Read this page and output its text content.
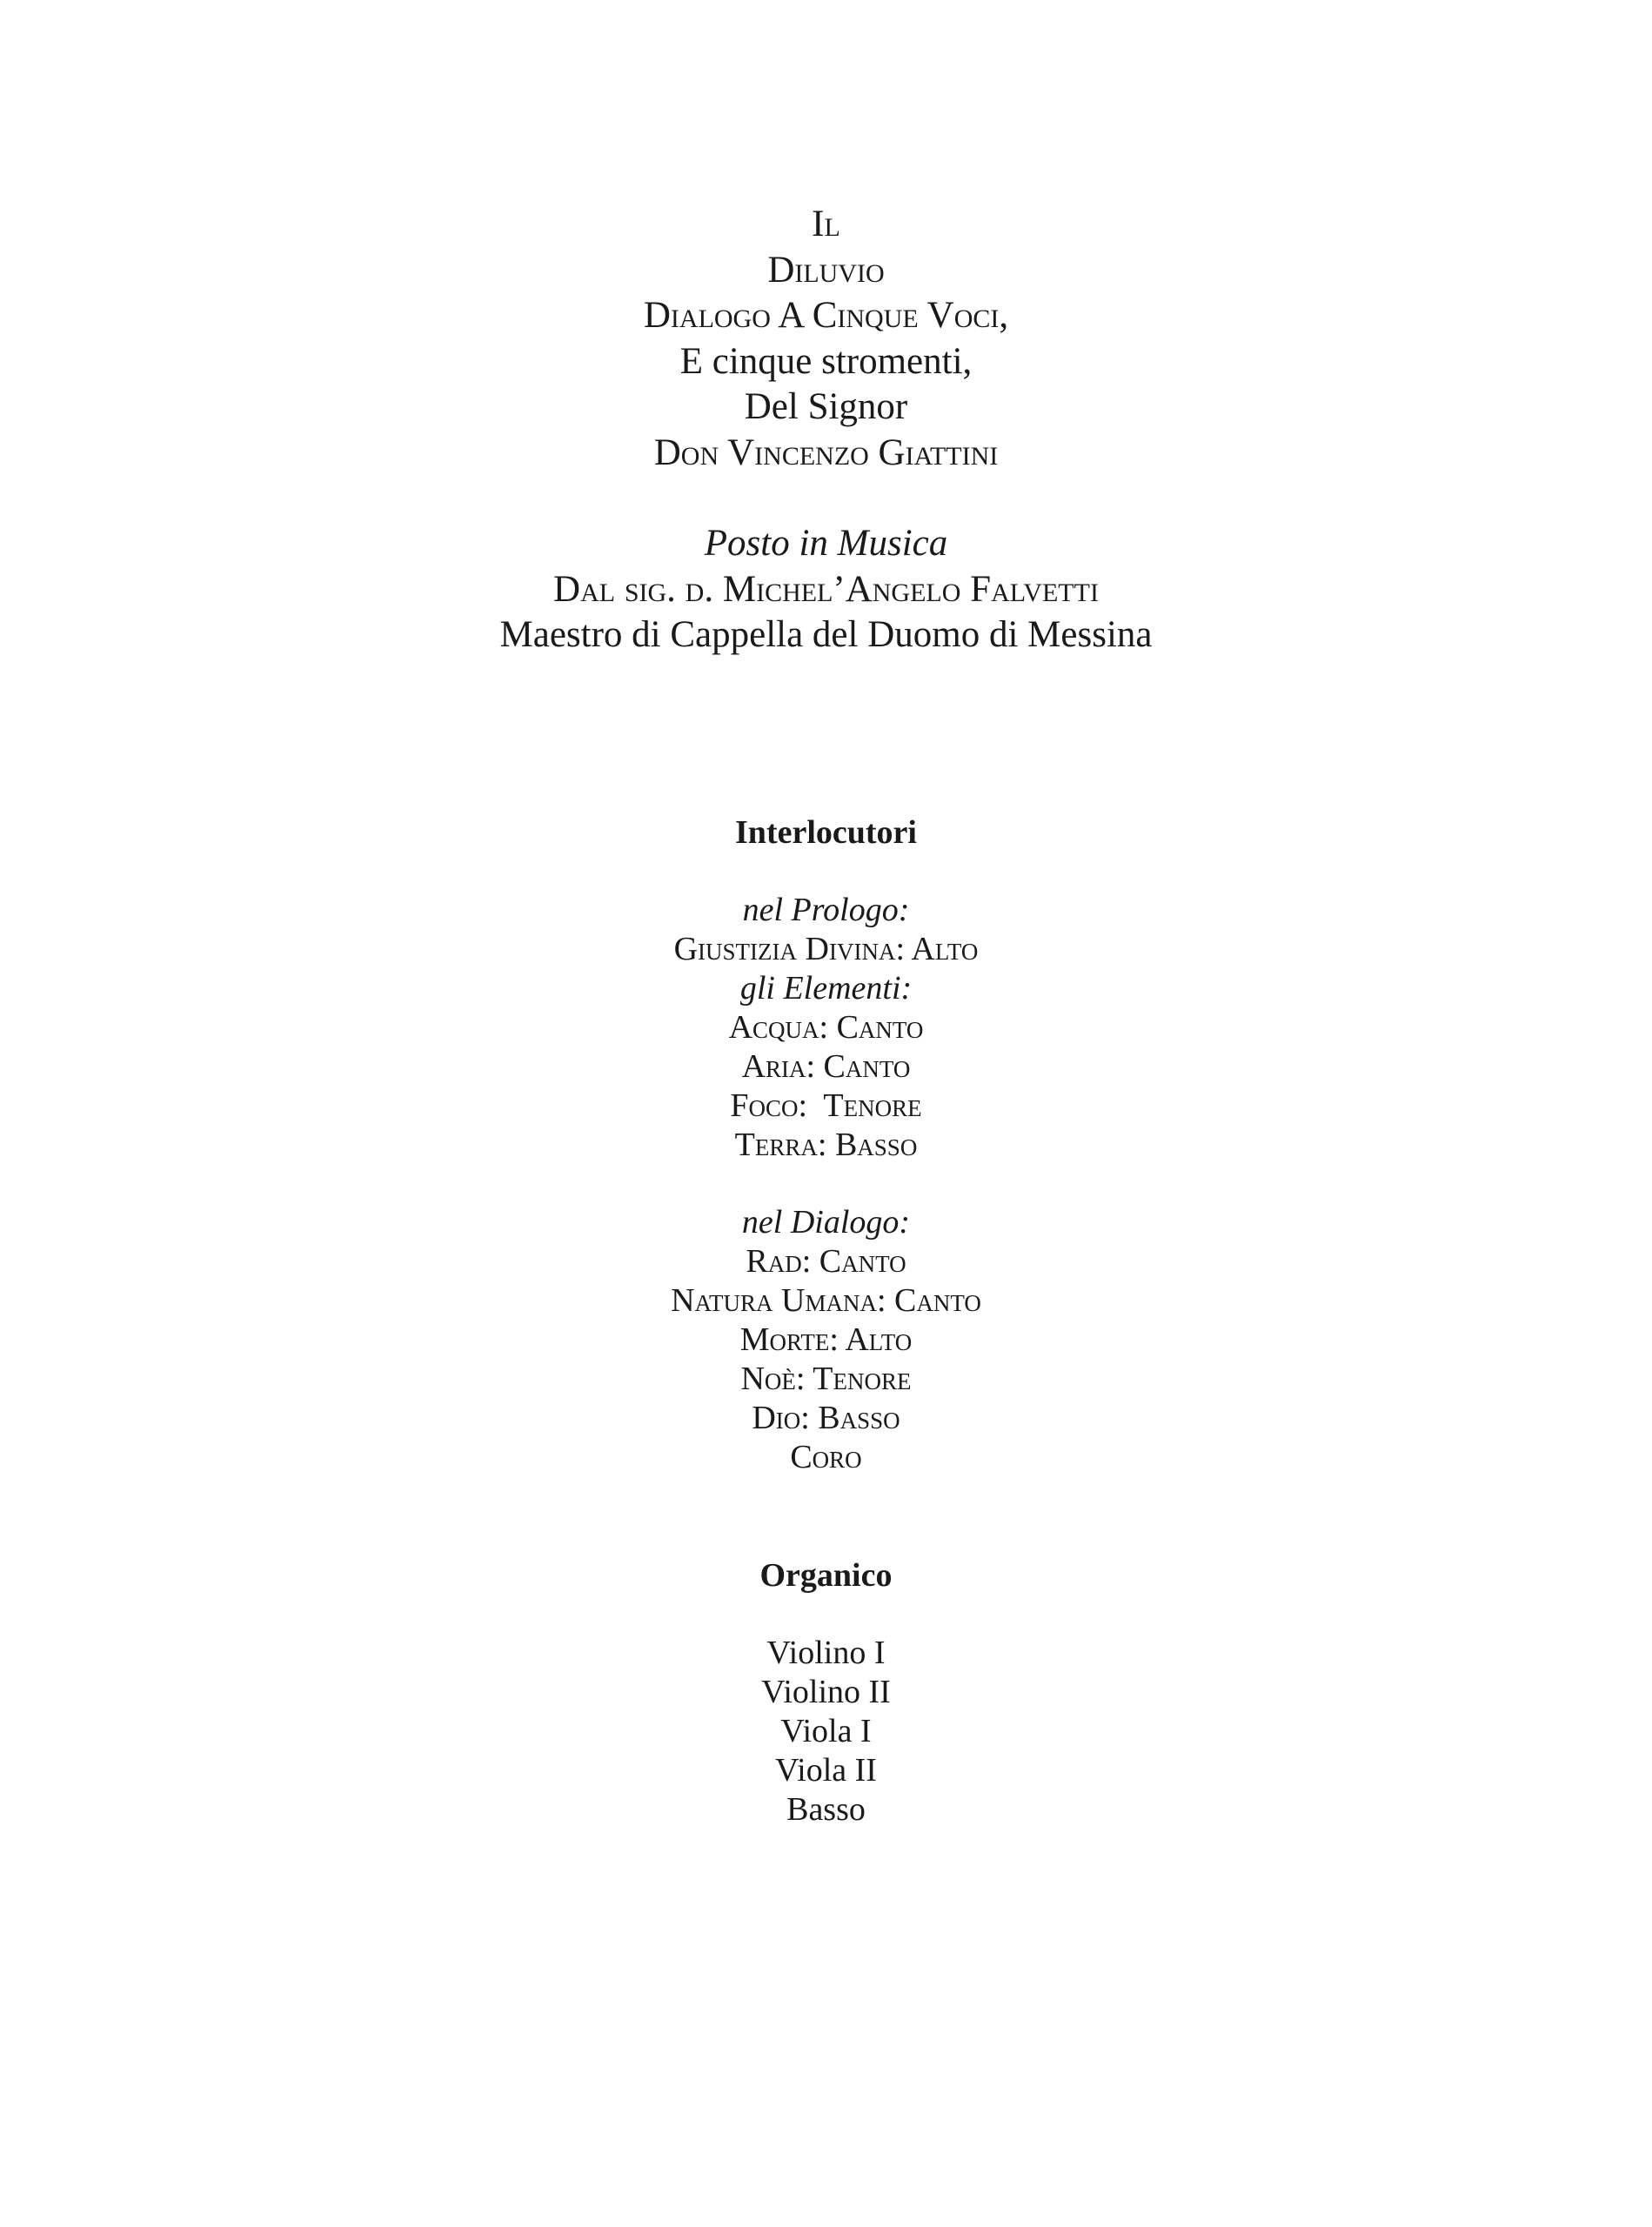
Il
Diluvio
Dialogo A Cinque Voci,
E cinque stromenti,
Del Signor
Don Vincenzo Giattini
Posto in Musica
Dal sig. d. Michel’Angelo Falvetti
Maestro di Cappella del Duomo di Messina
Interlocutori
nel Prologo:
Giustizia Divina: Alto
gli Elementi:
Acqua: Canto
Aria: Canto
Foco:  Tenore
Terra: Basso
nel Dialogo:
Rad: Canto
Natura Umana: Canto
Morte: Alto
Noè: Tenore
Dio: Basso
Coro
Organico
Violino I
Violino II
Viola I
Viola II
Basso
